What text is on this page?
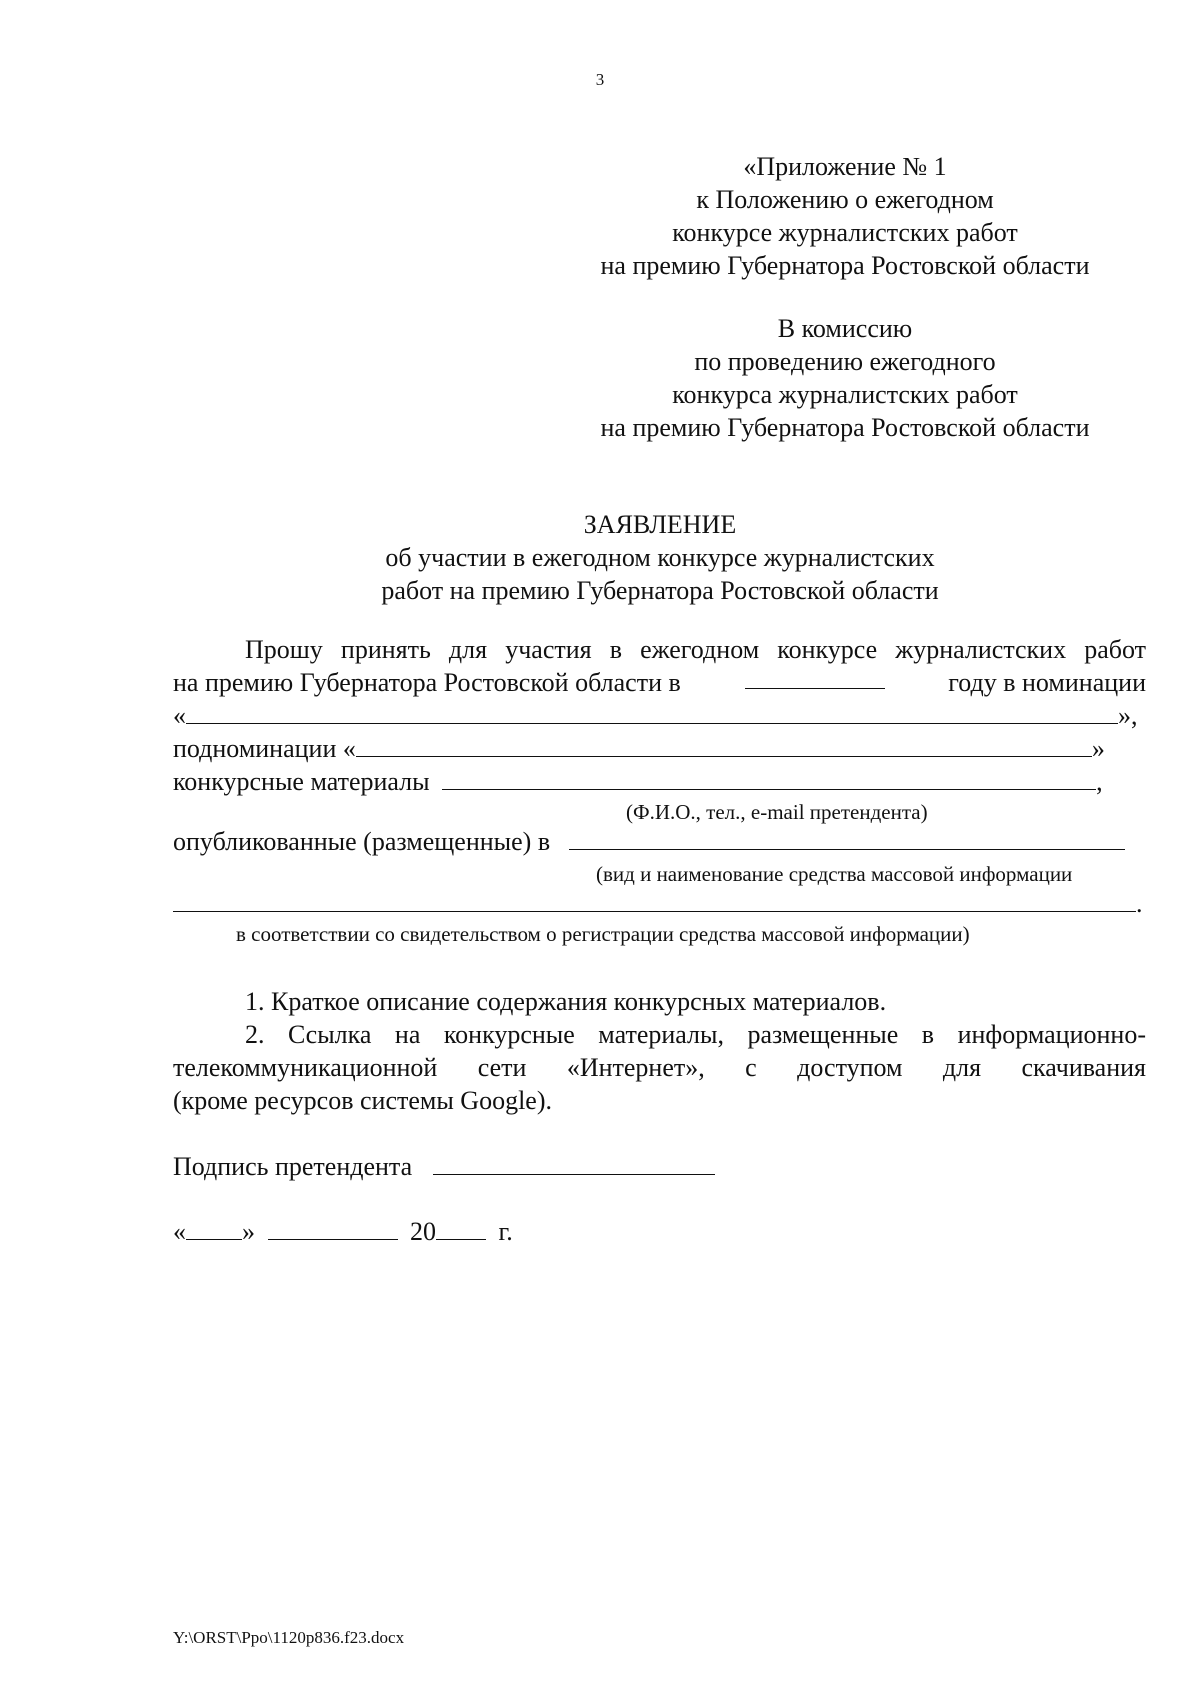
3
«Приложение № 1
к Положению о ежегодном
конкурсе журналистских работ
на премию Губернатора Ростовской области
В комиссию
по проведению ежегодного
конкурса журналистских работ
на премию Губернатора Ростовской области
ЗАЯВЛЕНИЕ
об участии в ежегодном конкурсе журналистских
работ на премию Губернатора Ростовской области
Прошу принять для участия в ежегодном конкурсе журналистских работ
на премию Губернатора Ростовской области в	году в номинации
«	»,
подноминации «	»
конкурсные материалы	,
(Ф.И.О., тел., e-mail претендента)
опубликованные (размещенные) в
(вид и наименование средства массовой информации
.
в соответствии со свидетельством о регистрации средства массовой информации)
1. Краткое описание содержания конкурсных материалов.
2. Ссылка на конкурсные материалы, размещенные в информационно-
телекоммуникационной сети «Интернет», с доступом для скачивания
(кроме ресурсов системы Google).
Подпись претендента
« »	20 г.
Y:\ORST\Ppo\1120p836.f23.docx
